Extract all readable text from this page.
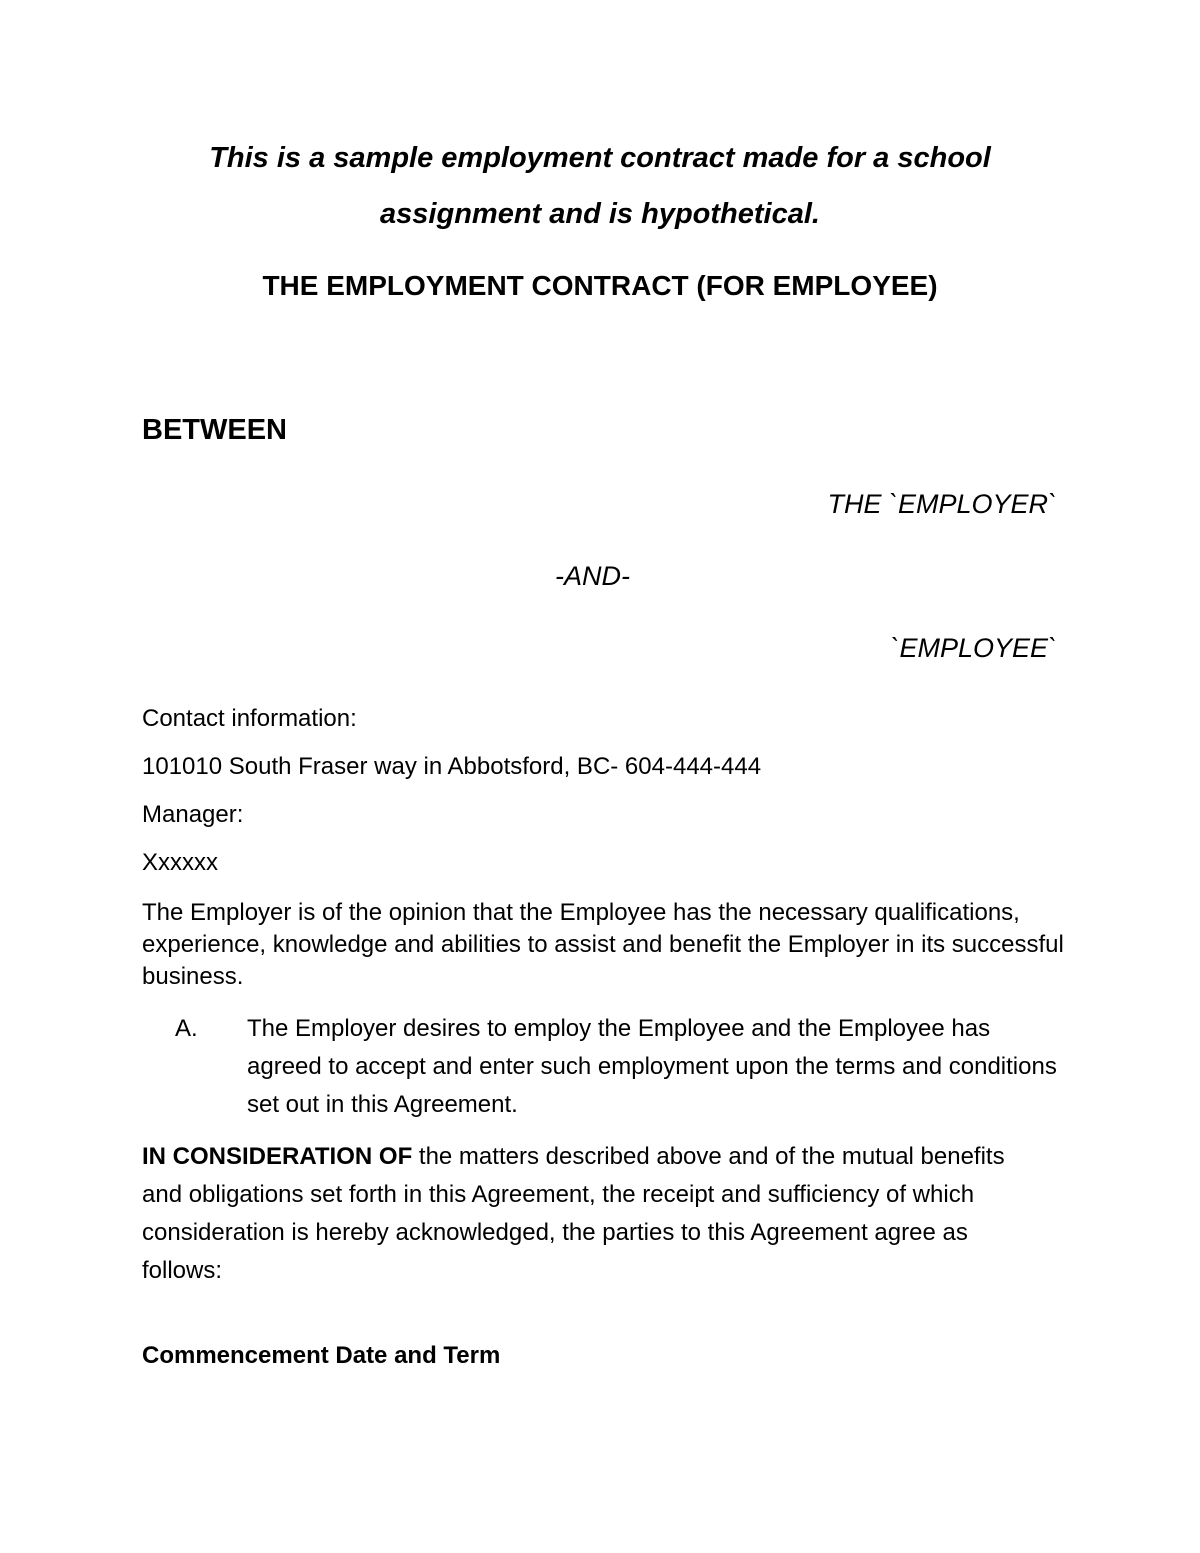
This is a sample employment contract made for a school
assignment and is hypothetical.
THE EMPLOYMENT CONTRACT (FOR EMPLOYEE)
BETWEEN
THE `EMPLOYER`
-AND-
`EMPLOYEE`
Contact information:
101010 South Fraser way in Abbotsford, BC- 604-444-444
Manager:
Xxxxxx
The Employer is of the opinion that the Employee has the necessary qualifications, experience, knowledge and abilities to assist and benefit the Employer in its successful business.
A. The Employer desires to employ the Employee and the Employee has agreed to accept and enter such employment upon the terms and conditions set out in this Agreement.
IN CONSIDERATION OF the matters described above and of the mutual benefits and obligations set forth in this Agreement, the receipt and sufficiency of which consideration is hereby acknowledged, the parties to this Agreement agree as follows:
Commencement Date and Term
